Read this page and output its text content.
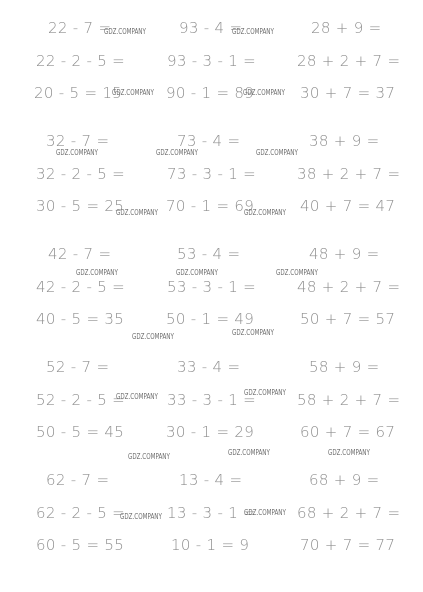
22 - 7 =	93 - 4 =	28 + 9 =
22 - 2 - 5 =	93 - 3 - 1 =	28 + 2 + 7 =
20 - 5 = 15	90 - 1 = 89	30 + 7 = 37
32 - 7 =	73 - 4 =	38 + 9 =
32 - 2 - 5 =	73 - 3 - 1 =	38 + 2 + 7 =
30 - 5 = 25	70 - 1 = 69	40 + 7 = 47
42 - 7 =	53 - 4 =	48 + 9 =
42 - 2 - 5 =	53 - 3 - 1 =	48 + 2 + 7 =
40 - 5 = 35	50 - 1 = 49	50 + 7 = 57
52 - 7 =	33 - 4 =	58 + 9 =
52 - 2 - 5 =	33 - 3 - 1 =	58 + 2 + 7 =
50 - 5 = 45	30 - 1 = 29	60 + 7 = 67
62 - 7 =	13 - 4 =	68 + 9 =
62 - 2 - 5 =	13 - 3 - 1 =	68 + 2 + 7 =
60 - 5 = 55	10 - 1 = 9	70 + 7 = 77
GDZ.COMPANY	GDZ.COMPANY
GDZ.COMPANY	GDZ.COMPANY
GDZ.COMPANY	GDZ.COMPANY	GDZ.COMPANY
GDZ.COMPANY	GDZ.COMPANY
GDZ.COMPANY	GDZ.COMPANY	GDZ.COMPANY
GDZ.COMPANY	GDZ.COMPANY
GDZ.COMPANY	GDZ.COMPANY
GDZ.COMPANY	GDZ.COMPANY	GDZ.COMPANY
GDZ.COMPANY	GDZ.COMPANY
